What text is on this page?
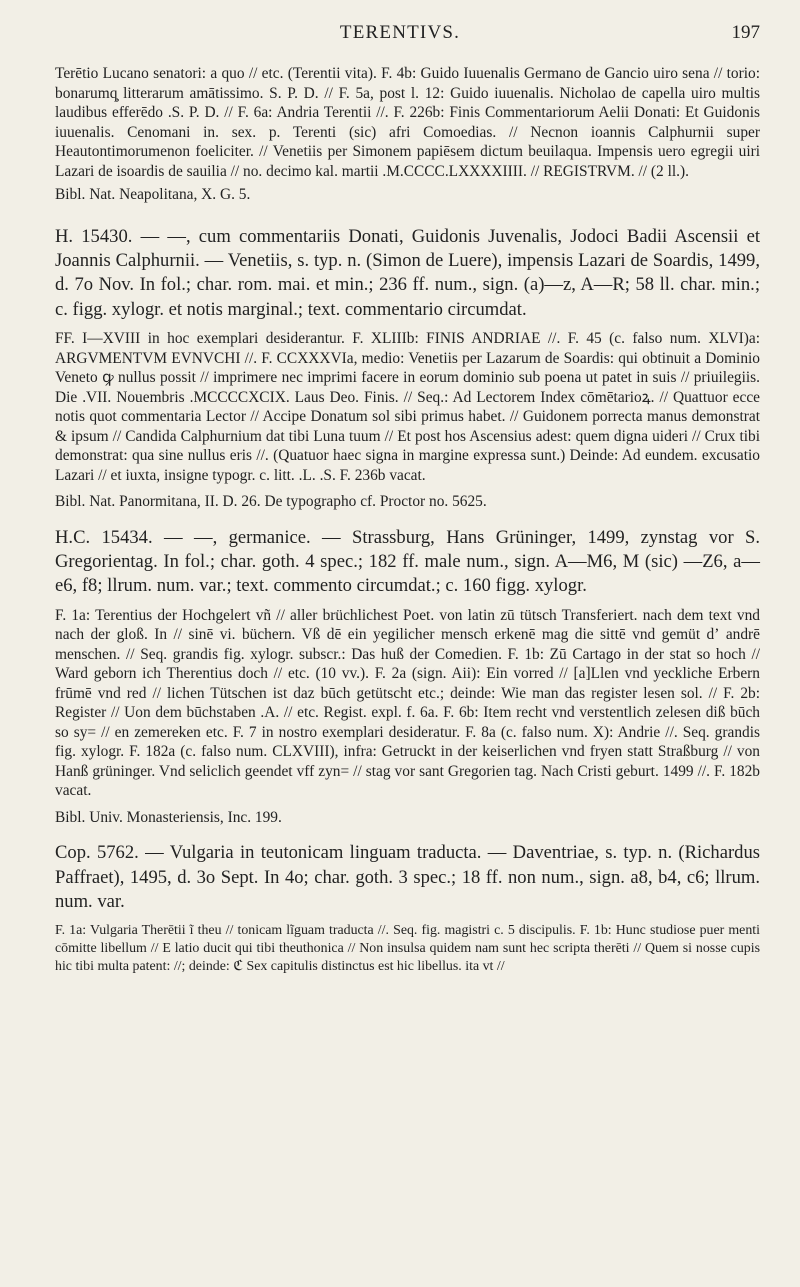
TERENTIVS.	197

Terētio Lucano senatori: a quo // etc. (Terentii vita). F. 4b: Guido Iuuenalis Germano de Gancio uiro sena // torio: bonarumq̧ litterarum amātissimo. S. P. D. // F. 5a, post l. 12: Guido iuuenalis. Nicholao de capella uiro multis laudibus efferēdo .S. P. D. // F. 6a: Andria Terentii //. F. 226b: Finis Commentariorum Aelii Donati: Et Guidonis iuuenalis. Cenomani in. sex. p. Terenti (sic) afri Comoedias. // Necnon ioannis Calphurnii super Heautontimorumenon foeliciter. // Venetiis per Simonem papiēsem dictum beuilaqua. Impensis uero egregii uiri Lazari de isoardis de sauilia // no. decimo kal. martii .M.CCCC.LXXXXIIII. // REGISTRVM. // (2 ll.).

Bibl. Nat. Neapolitana, X. G. 5.

H. 15430. — —, cum commentariis Donati, Guidonis Juvenalis, Jodoci Badii Ascensii et Joannis Calphurnii. — Venetiis, s. typ. n. (Simon de Luere), impensis Lazari de Soardis, 1499, d. 7o Nov. In fol.; char. rom. mai. et min.; 236 ff. num., sign. (a)—z, A—R; 58 ll. char. min.; c. figg. xylogr. et notis marginal.; text. commentario circumdat.

FF. I—XVIII in hoc exemplari desiderantur. F. XLIIIb: FINIS ANDRIAE //. F. 45 (c. falso num. XLVI)a: ARGVMENTVM EVNVCHI //. F. CCXXXVIa, medio: Venetiis per Lazarum de Soardis: qui obtinuit a Dominio Veneto ꝙ nullus possit // imprimere nec imprimi facere in eorum dominio sub poena ut patet in suis // priuilegiis. Die .VII. Nouembris .MCCCCXCIX. Laus Deo. Finis. // Seq.: Ad Lectorem Index cōmētarioꝝ. // Quattuor ecce notis quot commentaria Lector // Accipe Donatum sol sibi primus habet. // Guidonem porrecta manus demonstrat & ipsum // Candida Calphurnium dat tibi Luna tuum // Et post hos Ascensius adest: quem digna uideri // Crux tibi demonstrat: qua sine nullus eris //. (Quatuor haec signa in margine expressa sunt.) Deinde: Ad eundem. excusatio Lazari // et iuxta, insigne typogr. c. litt. .L. .S. F. 236b vacat.

Bibl. Nat. Panormitana, II. D. 26. De typographo cf. Proctor no. 5625.

H.C. 15434. — —, germanice. — Strassburg, Hans Grüninger, 1499, zynstag vor S. Gregorientag. In fol.; char. goth. 4 spec.; 182 ff. male num., sign. A—M6, M (sic) —Z6, a—e6, f8; llrum. num. var.; text. commento circumdat.; c. 160 figg. xylogr.

F. 1a: Terentius der Hochgelert vñ // aller brüchlichest Poet. von latin zū tütsch Transferiert. nach dem text vnd nach der gloß. In // sinē vi. büchern. Vß dē ein yegilicher mensch erkenē mag die sittē vnd gemüt dʼ andrē menschen. // Seq. grandis fig. xylogr. subscr.: Das huß der Comedien. F. 1b: Zū Cartago in der stat so hoch // Ward geborn ich Therentius doch // etc. (10 vv.). F. 2a (sign. Aii): Ein vorred // [a]Llen vnd yeckliche Erbern frūmē vnd red // lichen Tütschen ist daz būch getütscht etc.; deinde: Wie man das register lesen sol. // F. 2b: Register // Uon dem būchstaben .A. // etc. Regist. expl. f. 6a. F. 6b: Item recht vnd verstentlich zelesen diß būch so sy= // en zemereken etc. F. 7 in nostro exemplari desideratur. F. 8a (c. falso num. X): Andrie //. Seq. grandis fig. xylogr. F. 182a (c. falso num. CLXVIII), infra: Getruckt in der keiserlichen vnd fryen statt Straßburg // von Hanß grüninger. Vnd seliclich geendet vff zyn= // stag vor sant Gregorien tag. Nach Cristi geburt. 1499 //. F. 182b vacat.

Bibl. Univ. Monasteriensis, Inc. 199.

Cop. 5762. — Vulgaria in teutonicam linguam traducta. — Daventriae, s. typ. n. (Richardus Paffraet), 1495, d. 3o Sept. In 4o; char. goth. 3 spec.; 18 ff. non num., sign. a8, b4, c6; llrum. num. var.

F. 1a: Vulgaria Therētii ĩ theu // tonicam lĩguam traducta //. Seq. fig. magistri c. 5 discipulis. F. 1b: Hunc studiose puer menti cōmitte libellum // E latio ducit qui tibi theuthonica // Non insulsa quidem nam sunt hec scripta therēti // Quem si nosse cupis hic tibi multa patent: //; deinde: ℭ Sex capitulis distinctus est hic libellus. ita vt //
